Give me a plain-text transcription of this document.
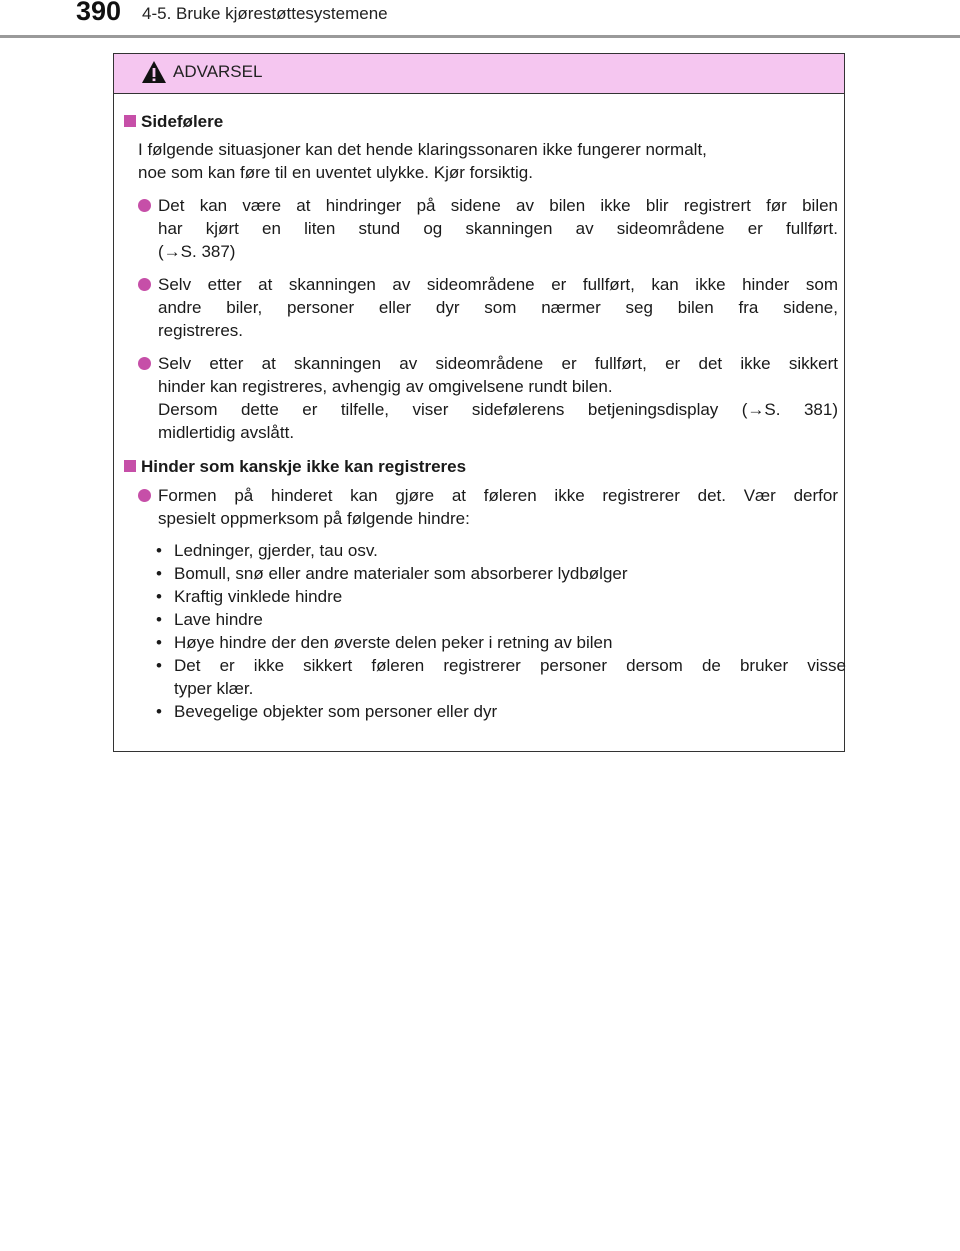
390 4-5. Bruke kjørestøttesystemene
ADVARSEL
Sidefølere
I følgende situasjoner kan det hende klaringssonaren ikke fungerer normalt,
noe som kan føre til en uventet ulykke. Kjør forsiktig.
Det kan være at hindringer på sidene av bilen ikke blir registrert før bilen
har kjørt en liten stund og skanningen av sideområdene er fullført.
(→S. 387)
Selv etter at skanningen av sideområdene er fullført, kan ikke hinder som
andre biler, personer eller dyr som nærmer seg bilen fra sidene,
registreres.
Selv etter at skanningen av sideområdene er fullført, er det ikke sikkert
hinder kan registreres, avhengig av omgivelsene rundt bilen.
Dersom dette er tilfelle, viser sidefølerens betjeningsdisplay (→S. 381)
midlertidig avslått.
Hinder som kanskje ikke kan registreres
Formen på hinderet kan gjøre at føleren ikke registrerer det. Vær derfor
spesielt oppmerksom på følgende hindre:
• Ledninger, gjerder, tau osv.
• Bomull, snø eller andre materialer som absorberer lydbølger
• Kraftig vinklede hindre
• Lave hindre
• Høye hindre der den øverste delen peker i retning av bilen
• Det er ikke sikkert føleren registrerer personer dersom de bruker visse
typer klær.
• Bevegelige objekter som personer eller dyr
